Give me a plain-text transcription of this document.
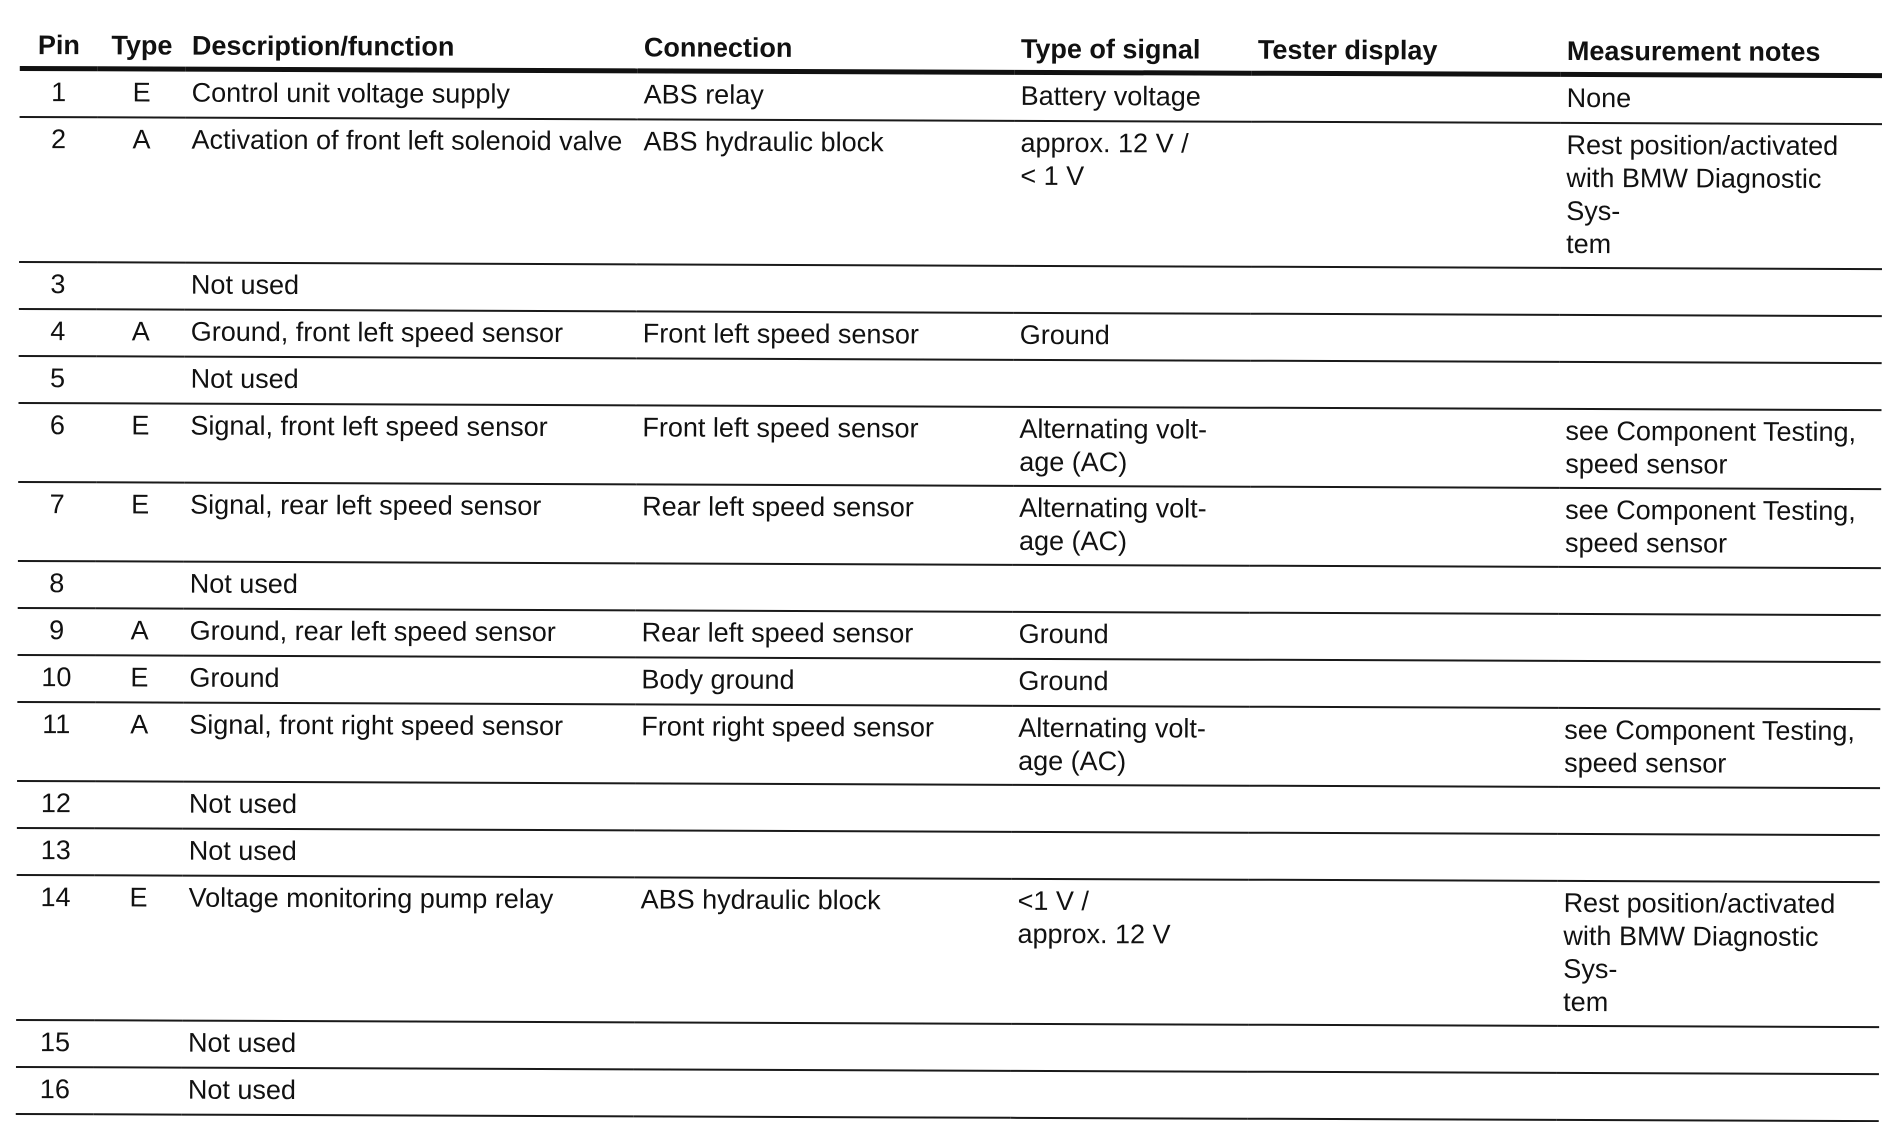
Pin	Type	Description/function	Connection	Type of signal	Tester display	Measurement notes
1	E	Control unit voltage supply	ABS relay	Battery voltage		None
2	A	Activation of front left solenoid valve	ABS hydraulic block	approx. 12 V /
< 1 V		Rest position/activated
with BMW Diagnostic Sys-
tem
3		Not used				
4	A	Ground, front left speed sensor	Front left speed sensor	Ground		
5		Not used				
6	E	Signal, front left speed sensor	Front left speed sensor	Alternating volt-
age (AC)		see Component Testing,
speed sensor
7	E	Signal, rear left speed sensor	Rear left speed sensor	Alternating volt-
age (AC)		see Component Testing,
speed sensor
8		Not used				
9	A	Ground, rear left speed sensor	Rear left speed sensor	Ground		
10	E	Ground	Body ground	Ground		
11	A	Signal, front right speed sensor	Front right speed sensor	Alternating volt-
age (AC)		see Component Testing,
speed sensor
12		Not used				
13		Not used				
14	E	Voltage monitoring pump relay	ABS hydraulic block	<1 V /
approx. 12 V		Rest position/activated
with BMW Diagnostic Sys-
tem
15		Not used				
16		Not used				
